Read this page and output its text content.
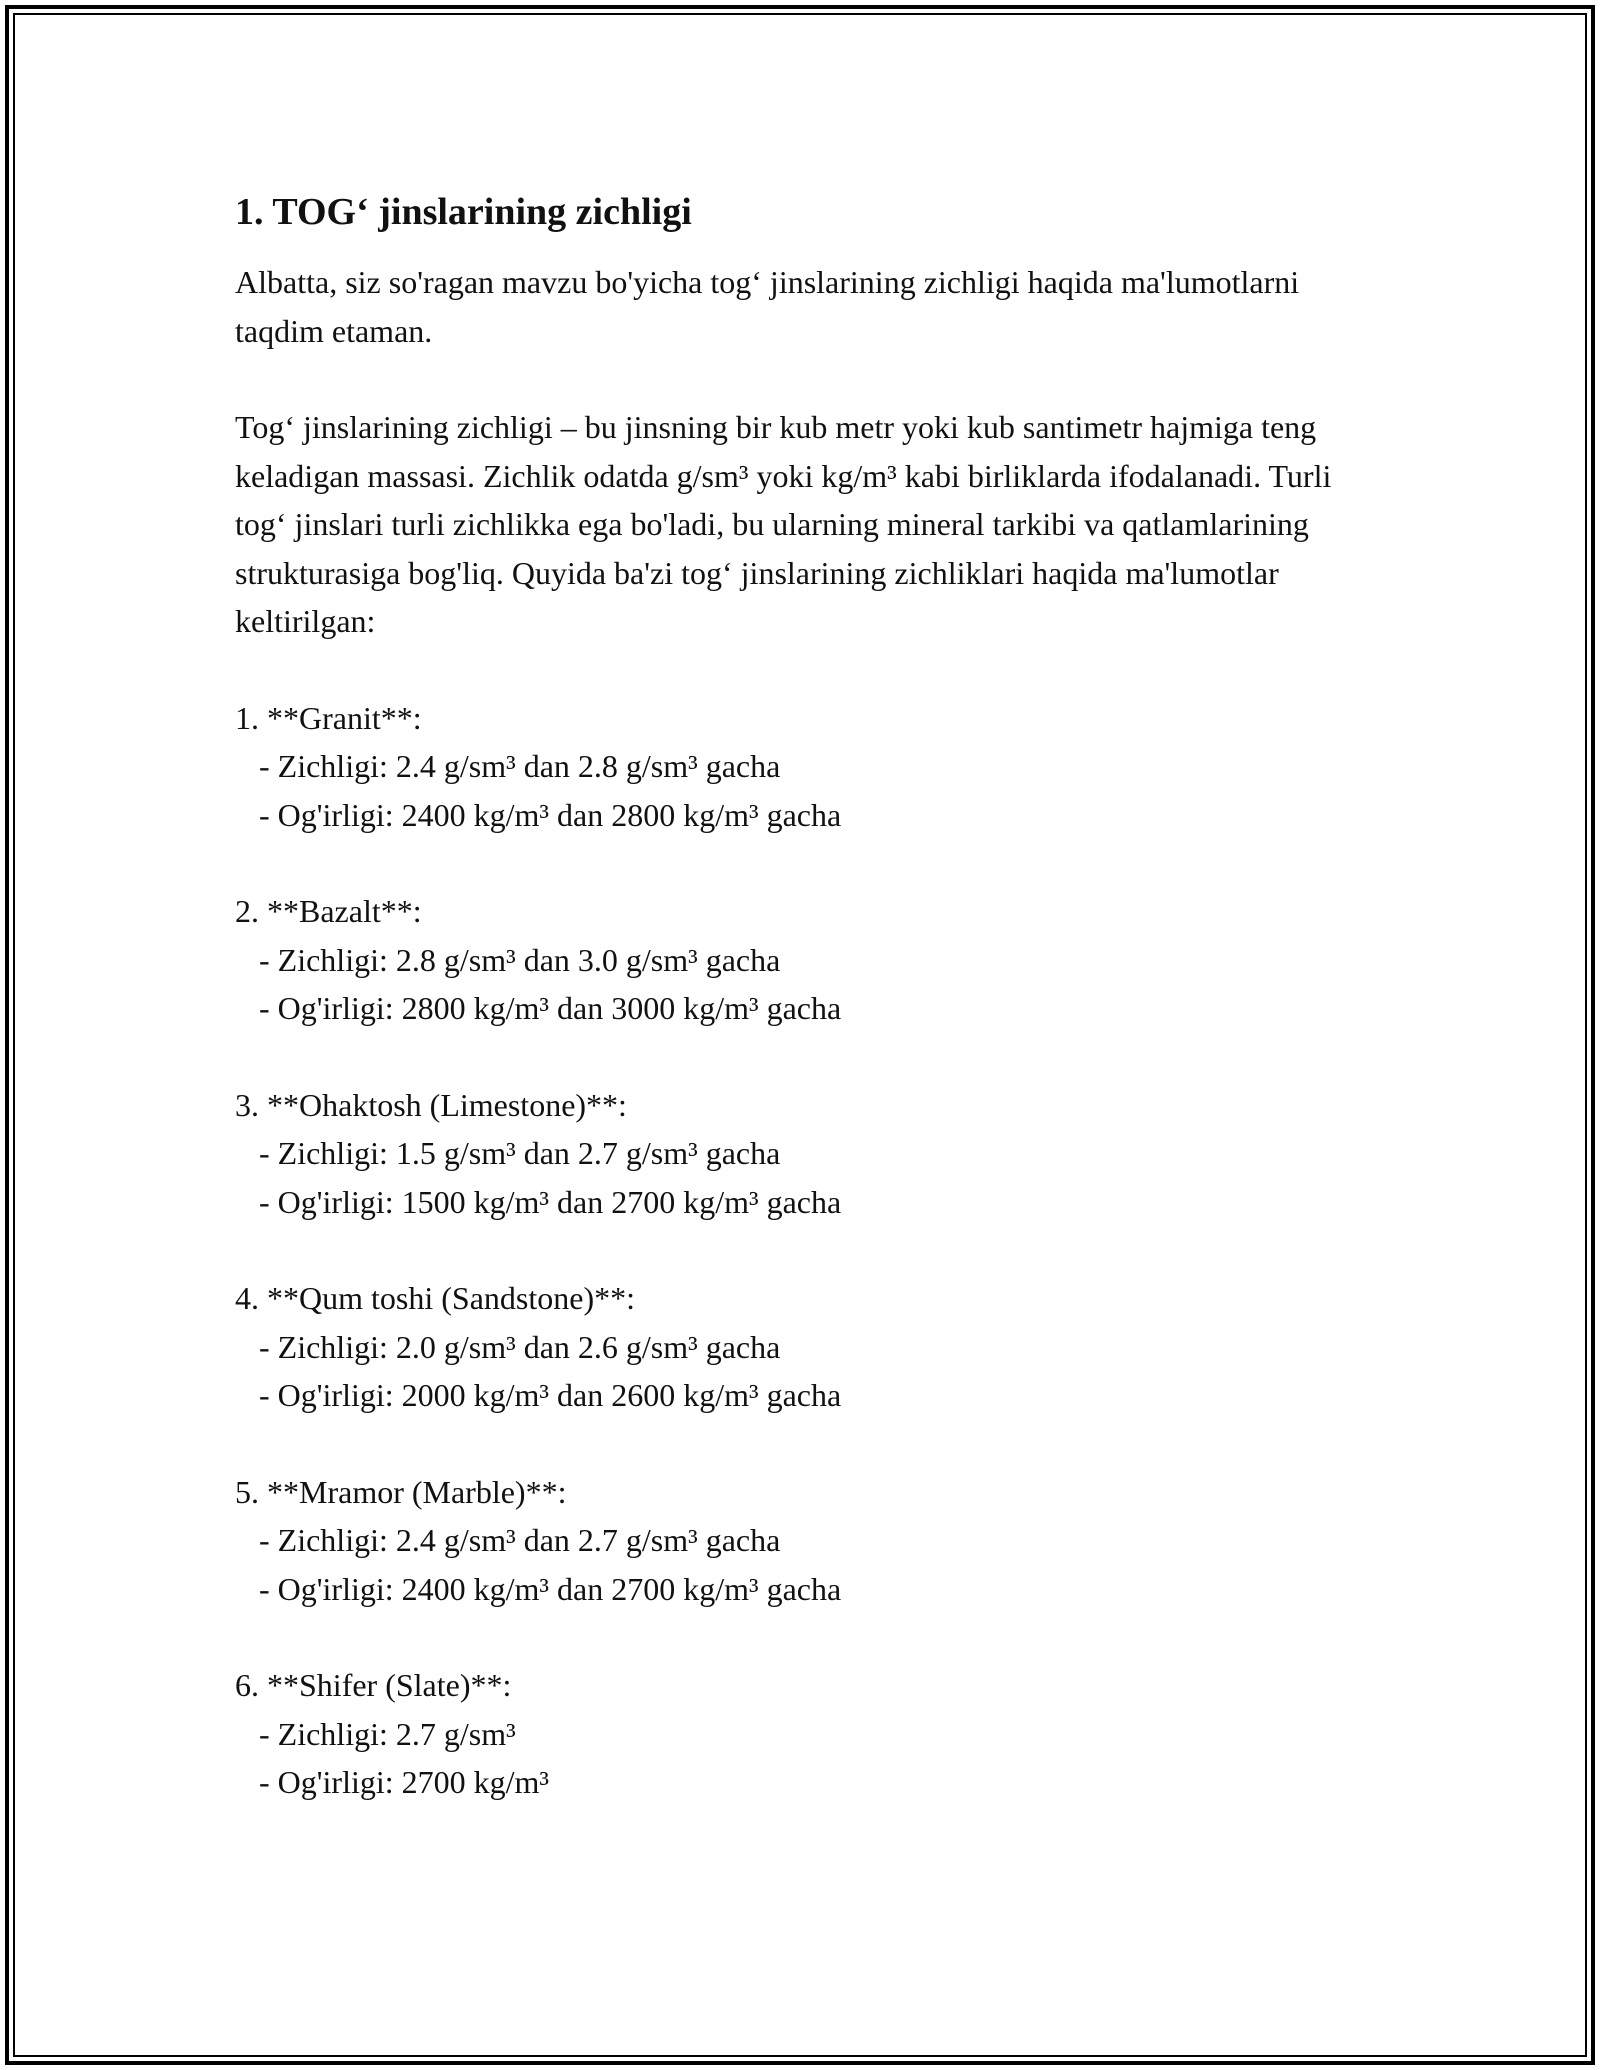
1. TOG‘ jinslarining zichligi

Albatta, siz so'ragan mavzu bo'yicha tog‘ jinslarining zichligi haqida ma'lumotlarni taqdim etaman.

Tog‘ jinslarining zichligi – bu jinsning bir kub metr yoki kub santimetr hajmiga teng keladigan massasi. Zichlik odatda g/sm³ yoki kg/m³ kabi birliklarda ifodalanadi. Turli tog‘ jinslari turli zichlikka ega bo'ladi, bu ularning mineral tarkibi va qatlamlarining strukturasiga bog'liq. Quyida ba'zi tog‘ jinslarining zichliklari haqida ma'lumotlar keltirilgan:

1. **Granit**:
- Zichligi: 2.4 g/sm³ dan 2.8 g/sm³ gacha
- Og'irligi: 2400 kg/m³ dan 2800 kg/m³ gacha
2. **Bazalt**:
- Zichligi: 2.8 g/sm³ dan 3.0 g/sm³ gacha
- Og'irligi: 2800 kg/m³ dan 3000 kg/m³ gacha
3. **Ohaktosh (Limestone)**:
- Zichligi: 1.5 g/sm³ dan 2.7 g/sm³ gacha
- Og'irligi: 1500 kg/m³ dan 2700 kg/m³ gacha
4. **Qum toshi (Sandstone)**:
- Zichligi: 2.0 g/sm³ dan 2.6 g/sm³ gacha
- Og'irligi: 2000 kg/m³ dan 2600 kg/m³ gacha
5. **Mramor (Marble)**:
- Zichligi: 2.4 g/sm³ dan 2.7 g/sm³ gacha
- Og'irligi: 2400 kg/m³ dan 2700 kg/m³ gacha
6. **Shifer (Slate)**:
- Zichligi: 2.7 g/sm³
- Og'irligi: 2700 kg/m³
